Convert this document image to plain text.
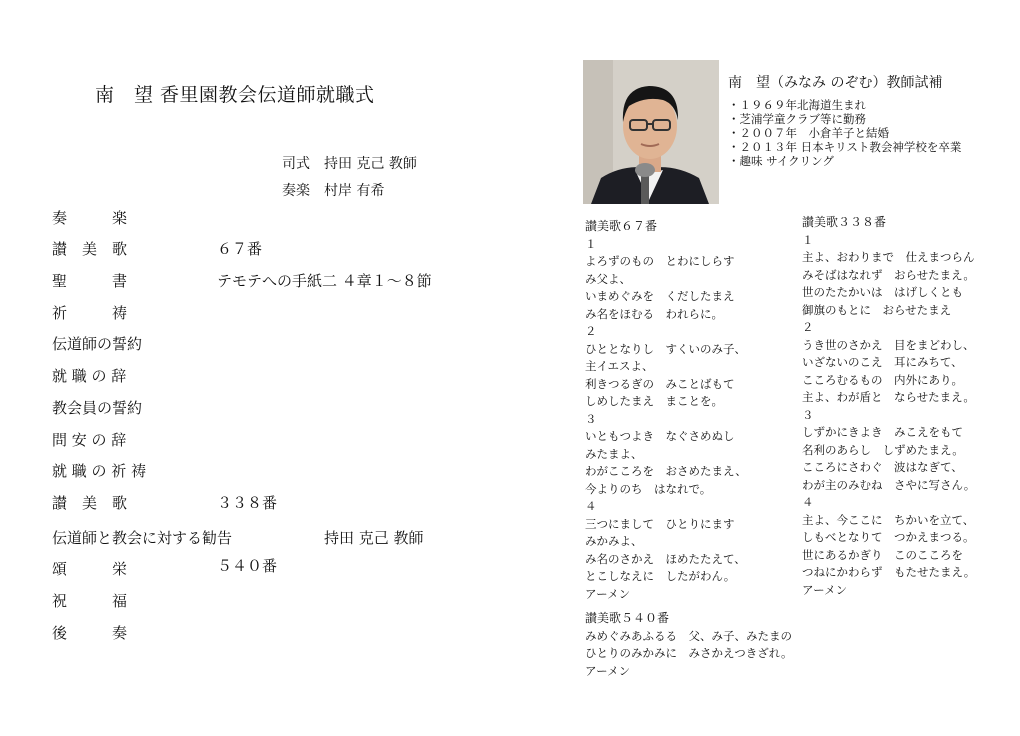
南　望 香里園教会伝道師就職式
司式　持田 克己 教師
奏楽　村岸 有希
奏　　　楽
讃　美　歌	６７番
聖　　　書	テモテへの手紙二 ４章１～８節
祈　　　祷
伝道師の誓約
就 職 の 辞
教会員の誓約
問 安 の 辞
就 職 の 祈 祷
讃　美　歌	３３８番
伝道師と教会に対する勧告	持田 克己 教師
頌　　　栄	５４０番
祝　　　福
後　　　奏
南　望（みなみ のぞむ）教師試補
・１９６９年北海道生まれ
・芝浦学童クラブ等に勤務
・２００７年　小倉羊子と結婚
・２０１３年 日本キリスト教会神学校を卒業
・趣味 サイクリング
讃美歌６７番
１
よろずのもの　とわにしらす
み父よ、
いまめぐみを　くだしたまえ
み名をほむる　われらに。
２
ひととなりし　すくいのみ子、
主イエスよ、
利きつるぎの　みことばもて
しめしたまえ　まことを。
３
いともつよき　なぐさめぬし
みたまよ、
わがこころを　おさめたまえ、
今よりのち　はなれで。
４
三つにまして　ひとりにます
みかみよ、
み名のさかえ　ほめたたえて、
とこしなえに　したがわん。
アーメン
讃美歌３３８番
１
主よ、おわりまで　仕えまつらん
みそばはなれず　おらせたまえ。
世のたたかいは　はげしくとも
御旗のもとに　おらせたまえ
２
うき世のさかえ　目をまどわし、
いざないのこえ　耳にみちて、
こころむるもの　内外にあり。
主よ、わが盾と　ならせたまえ。
３
しずかにきよき　みこえをもて
名利のあらし　しずめたまえ。
こころにさわぐ　波はなぎて、
わが主のみむね　さやに写さん。
４
主よ、今ここに　ちかいを立て、
しもべとなりて　つかえまつる。
世にあるかぎり　このこころを
つねにかわらず　もたせたまえ。
アーメン
讃美歌５４０番
みめぐみあふるる　父、み子、みたまの
ひとりのみかみに　みさかえつきざれ。
アーメン
